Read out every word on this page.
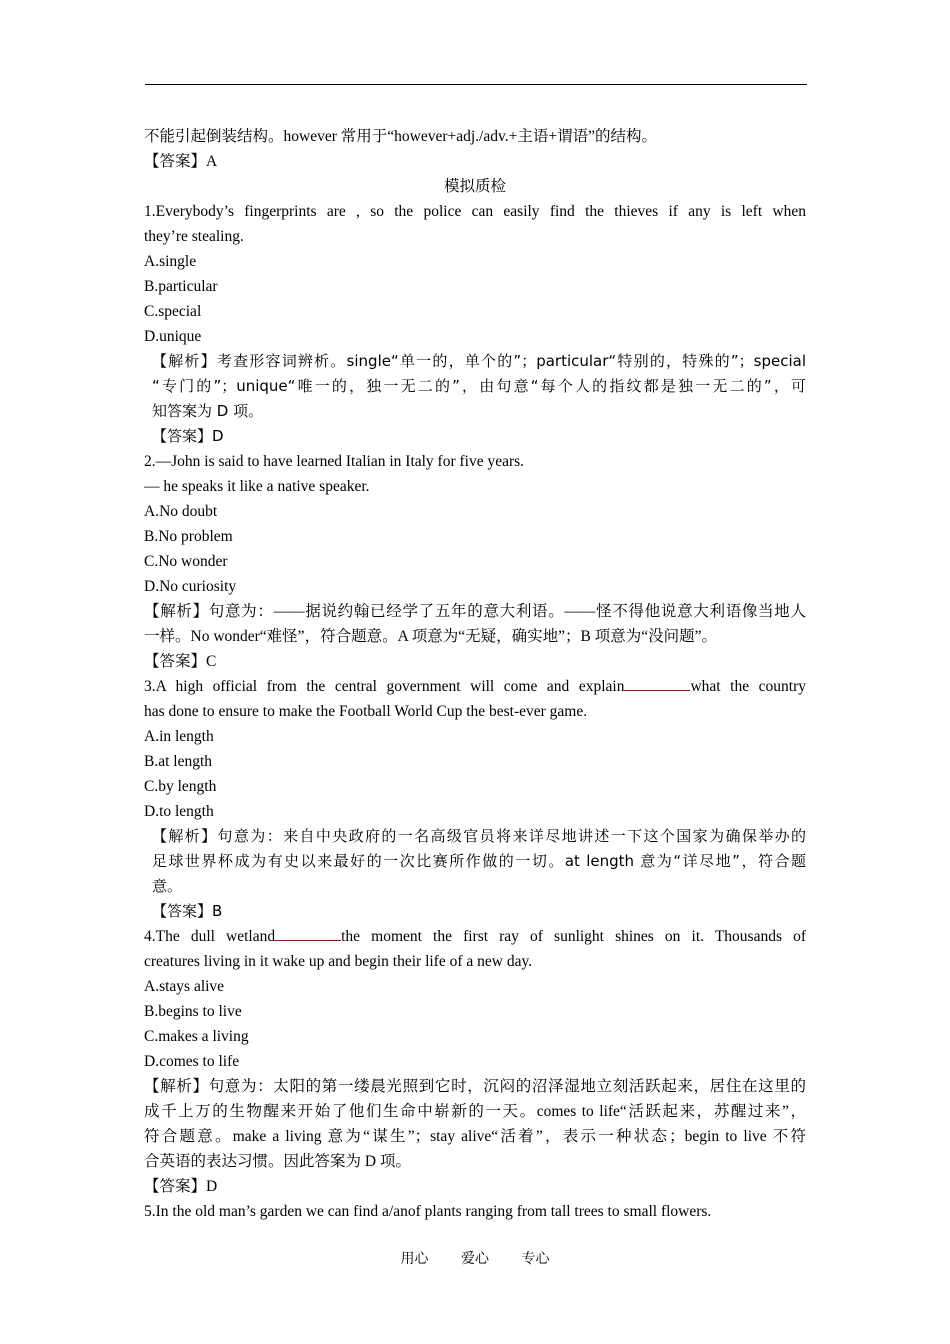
不能引起倒装结构。however 常用于“however+adj./adv.+主语+谓语”的结构。
【答案】A
模拟质检
1.Everybody’s fingerprints are , so the police can easily find the thieves if any is left when
they’re stealing.
A.single
B.particular
C.special
D.unique
【解析】考查形容词辨析。single“单一的，单个的”；particular“特别的，特殊的”；special
“专门的”；unique“唯一的，独一无二的”，由句意“每个人的指纹都是独一无二的”，可
知答案为 D 项。
【答案】D
2.—John is said to have learned Italian in Italy for five years.
— he speaks it like a native speaker.
A.No doubt
B.No problem
C.No wonder
D.No curiosity
【解析】句意为：——据说约翰已经学了五年的意大利语。——怪不得他说意大利语像当地人
一样。No wonder“难怪”，符合题意。A 项意为“无疑，确实地”；B 项意为“没问题”。
【答案】C
3.A high official from the central government will come and explain	what the country
has done to ensure to make the Football World Cup the best-ever game.
A.in length
B.at length
C.by length
D.to length
【解析】句意为：来自中央政府的一名高级官员将来详尽地讲述一下这个国家为确保举办的
足球世界杯成为有史以来最好的一次比赛所作做的一切。at length 意为“详尽地”，符合题
意。
【答案】B
4.The dull wetland	the moment the first ray of sunlight shines on it. Thousands of
creatures living in it wake up and begin their life of a new day.
A.stays alive
B.begins to live
C.makes a living
D.comes to life
【解析】句意为：太阳的第一缕晨光照到它时，沉闷的沼泽湿地立刻活跃起来，居住在这里的
成千上万的生物醒来开始了他们生命中崭新的一天。comes to life“活跃起来，苏醒过来”，
符合题意。make a living 意为“谋生”；stay alive“活着”，表示一种状态；begin to live 不符
合英语的表达习惯。因此答案为 D 项。
【答案】D
5.In the old man’s garden we can find a/anof plants ranging from tall trees to small flowers.
用心 爱心 专心
